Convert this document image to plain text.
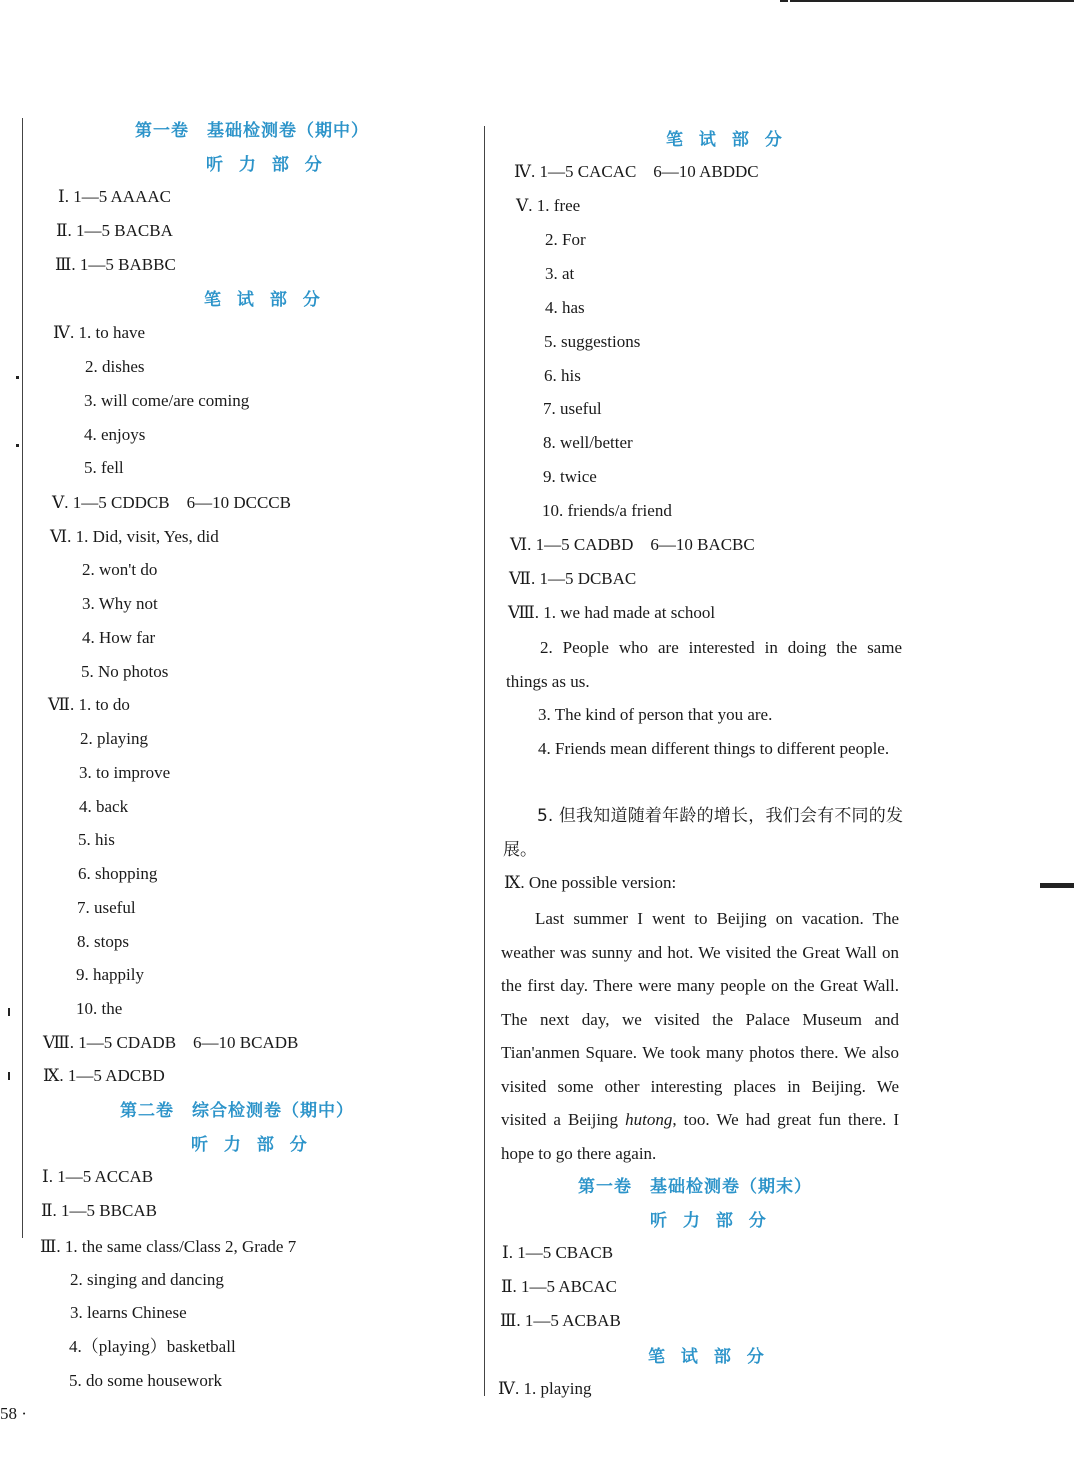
第一卷　基础检测卷（期中）
听 力 部 分
Ⅰ. 1—5 AAAAC
Ⅱ. 1—5 BACBA
Ⅲ. 1—5 BABBC
笔 试 部 分
Ⅳ. 1. to have
2. dishes
3. will come/are coming
4. enjoys
5. fell
Ⅴ. 1—5 CDDCB　6—10 DCCCB
Ⅵ. 1. Did, visit, Yes, did
2. won't do
3. Why not
4. How far
5. No photos
Ⅶ. 1. to do
2. playing
3. to improve
4. back
5. his
6. shopping
7. useful
8. stops
9. happily
10. the
Ⅷ. 1—5 CDADB　6—10 BCADB
Ⅸ. 1—5 ADCBD
第二卷　综合检测卷（期中）
听 力 部 分
Ⅰ. 1—5 ACCAB
Ⅱ. 1—5 BBCAB
Ⅲ. 1. the same class/Class 2, Grade 7
2. singing and dancing
3. learns Chinese
4.（playing）basketball
5. do some housework
笔 试 部 分
Ⅳ. 1—5 CACAC　6—10 ABDDC
Ⅴ. 1. free
2. For
3. at
4. has
5. suggestions
6. his
7. useful
8. well/better
9. twice
10. friends/a friend
Ⅵ. 1—5 CADBD　6—10 BACBC
Ⅶ. 1—5 DCBAC
Ⅷ. 1. we had made at school
2. People who are interested in doing the same things as us.
3. The kind of person that you are.
4. Friends mean different things to different people.
5. 但我知道随着年龄的增长，我们会有不同的发展。
Ⅸ. One possible version:
Last summer I went to Beijing on vacation. The weather was sunny and hot. We visited the Great Wall on the first day. There were many people on the Great Wall. The next day, we visited the Palace Museum and Tian'anmen Square. We took many photos there. We also visited some other interesting places in Beijing. We visited a Beijing hutong, too. We had great fun there. I hope to go there again.
第一卷　基础检测卷（期末）
听 力 部 分
Ⅰ. 1—5 CBACB
Ⅱ. 1—5 ABCAC
Ⅲ. 1—5 ACBAB
笔 试 部 分
Ⅳ. 1. playing
58 ·
